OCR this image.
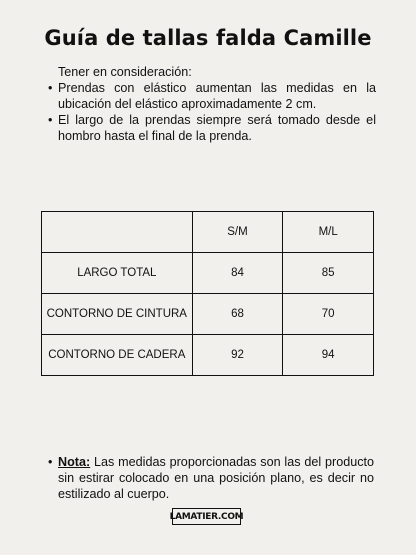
Guía de tallas falda Camille

Tener en consideración:

• Prendas con elástico aumentan las medidas en la ubicación del elástico aproximadamente 2 cm.
• El largo de la prendas siempre será tomado desde el hombro hasta el final de la prenda.
	S/M	M/L
LARGO TOTAL	84	85
CONTORNO DE CINTURA	68	70
CONTORNO DE CADERA	92	94
• Nota: Las medidas proporcionadas son las del producto sin estirar colocado en una posición plano, es decir no estilizado al cuerpo.
LAMATIER.COM
